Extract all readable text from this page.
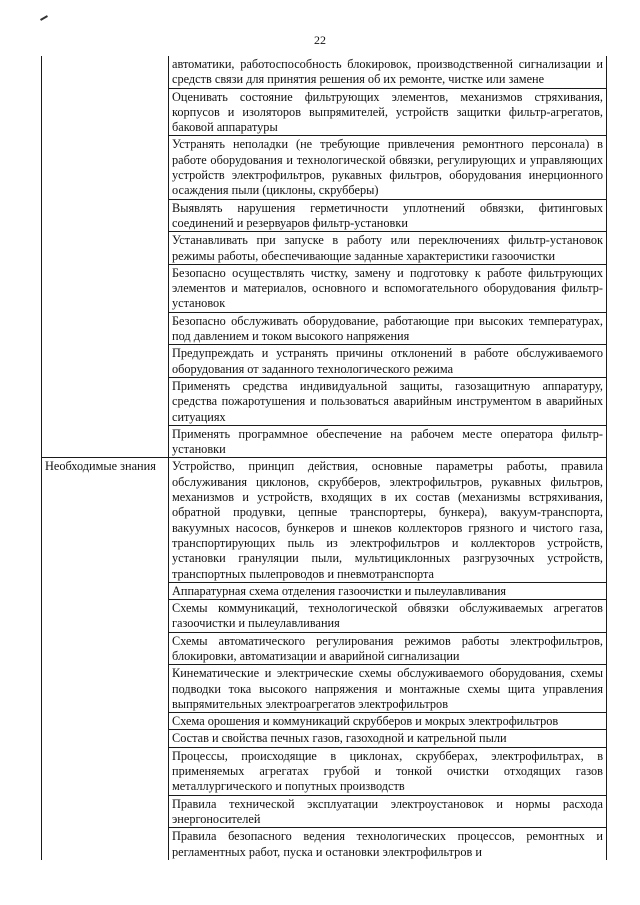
22
	автоматики, работоспособность блокировок, производственной сигнализации и средств связи для принятия решения об их ремонте, чистке или замене
	Оценивать состояние фильтрующих элементов, механизмов стряхивания, корпусов и изоляторов выпрямителей, устройств защитки фильтр-агрегатов, баковой аппаратуры
	Устранять неполадки (не требующие привлечения ремонтного персонала) в работе оборудования и технологической обвязки, регулирующих и управляющих устройств электрофильтров, рукавных фильтров, оборудования инерционного осаждения пыли (циклоны, скрубберы)
	Выявлять нарушения герметичности уплотнений обвязки, фитинговых соединений и резервуаров фильтр-установки
	Устанавливать при запуске в работу или переключениях фильтр-установок режимы работы, обеспечивающие заданные характеристики газоочистки
	Безопасно осуществлять чистку, замену и подготовку к работе фильтрующих элементов и материалов, основного и вспомогательного оборудования фильтр-установок
	Безопасно обслуживать оборудование, работающие при высоких температурах, под давлением и током высокого напряжения
	Предупреждать и устранять причины отклонений в работе обслуживаемого оборудования от заданного технологического режима
	Применять средства индивидуальной защиты, газозащитную аппаратуру, средства пожаротушения и пользоваться аварийным инструментом в аварийных ситуациях
	Применять программное обеспечение на рабочем месте оператора фильтр-установки
Необходимые знания	Устройство, принцип действия, основные параметры работы, правила обслуживания циклонов, скрубберов, электрофильтров, рукавных фильтров, механизмов и устройств, входящих в их состав (механизмы встряхивания, обратной продувки, цепные транспортеры, бункера), вакуум-транспорта, вакуумных насосов, бункеров и шнеков коллекторов грязного и чистого газа, транспортирующих пыль из электрофильтров и коллекторов устройств, установки грануляции пыли, мультициклонных разгрузочных устройств, транспортных пылепроводов и пневмотранспорта
	Аппаратурная схема отделения газоочистки и пылеулавливания
	Схемы коммуникаций, технологической обвязки обслуживаемых агрегатов газоочистки и пылеулавливания
	Схемы автоматического регулирования режимов работы электрофильтров, блокировки, автоматизации и аварийной сигнализации
	Кинематические и электрические схемы обслуживаемого оборудования, схемы подводки тока высокого напряжения и монтажные схемы щита управления выпрямительных электроагрегатов электрофильтров
	Схема орошения и коммуникаций скрубберов и мокрых электрофильтров
	Состав и свойства печных газов, газоходной и катрельной пыли
	Процессы, происходящие в циклонах, скрубберах, электрофильтрах, в применяемых агрегатах грубой и тонкой очистки отходящих газов металлургического и попутных производств
	Правила технической эксплуатации электроустановок и нормы расхода энергоносителей
	Правила безопасного ведения технологических процессов, ремонтных и регламентных работ, пуска и остановки электрофильтров и
